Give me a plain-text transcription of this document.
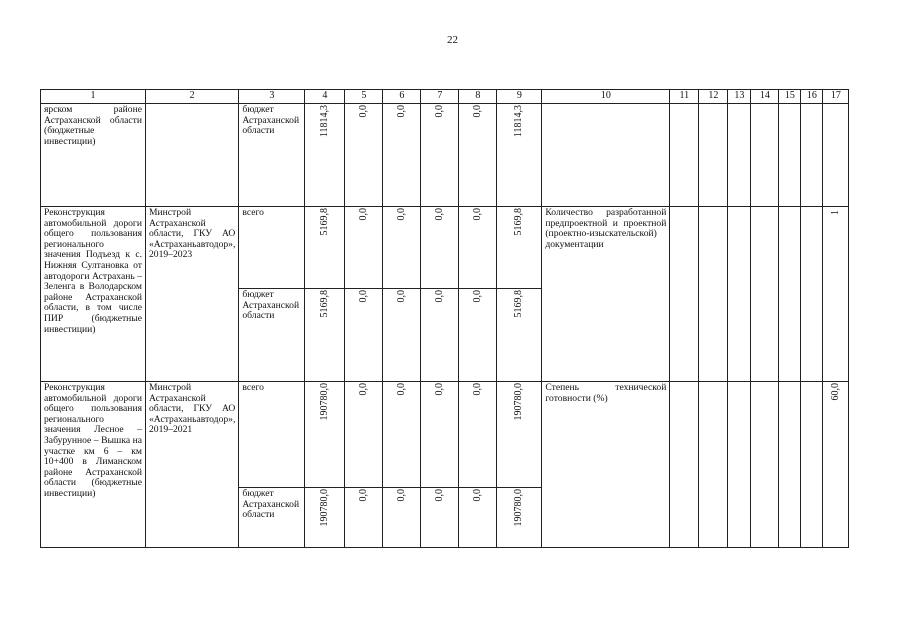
22
1	2	3	4	5	6	7	8	9	10	11	12	13	14	15	16	17
ярском районе Астраханской области (бюджетные инвестиции)		бюджет Астраханской области	11814,3	0,0	0,0	0,0	0,0	11814,3								
Реконструкция автомобильной дороги общего пользования регионального значения Подъезд к с. Нижняя Султановка от автодороги Астрахань – Зеленга в Володарском районе Астраханской области, в том числе ПИР (бюджетные инвестиции)	Минстрой Астраханской области, ГКУ АО «Астраханьавтодор», 2019–2023	всего	5169,8	0,0	0,0	0,0	0,0	5169,8	Количество разработанной предпроектной и проектной (проектно-изыскательской) документации							1
		бюджет Астраханской области	5169,8	0,0	0,0	0,0	0,0	5169,8								
Реконструкция автомобильной дороги общего пользования регионального значения Лесное – Забурунное – Вышка на участке км 6 – км 10+400 в Лиманском районе Астраханской области (бюджетные инвестиции)	Минстрой Астраханской области, ГКУ АО «Астраханьавтодор», 2019–2021	всего	190780,0	0,0	0,0	0,0	0,0	190780,0	Степень технической готовности (%)							60,0
		бюджет Астраханской области	190780,0	0,0	0,0	0,0	0,0	190780,0								
